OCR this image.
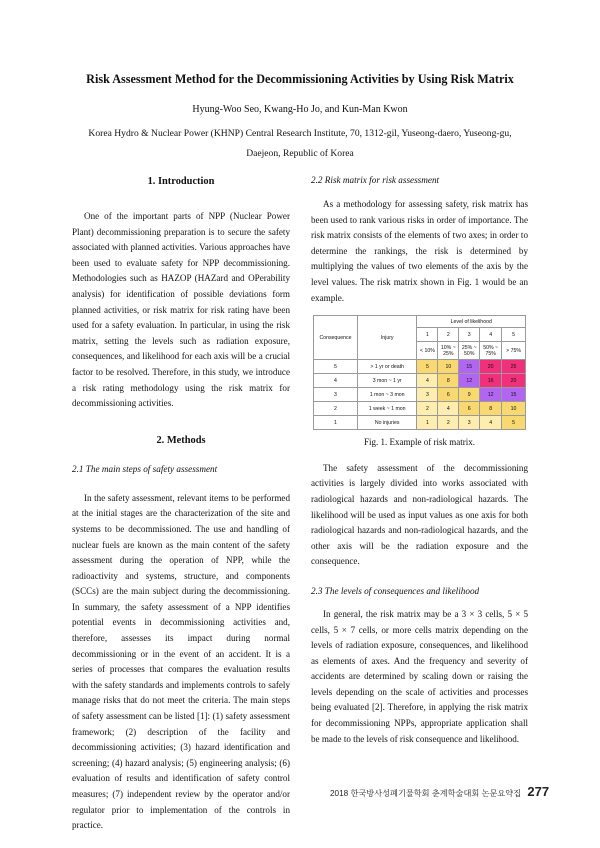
Risk Assessment Method for the Decommissioning Activities by Using Risk Matrix
Hyung-Woo Seo, Kwang-Ho Jo, and Kun-Man Kwon
Korea Hydro & Nuclear Power (KHNP) Central Research Institute, 70, 1312-gil, Yuseong-daero, Yuseong-gu, Daejeon, Republic of Korea
1. Introduction

One of the important parts of NPP (Nuclear Power Plant) decommissioning preparation is to secure the safety associated with planned activities. Various approaches have been used to evaluate safety for NPP decommissioning. Methodologies such as HAZOP (HAZard and OPerability analysis) for identification of possible deviations form planned activities, or risk matrix for risk rating have been used for a safety evaluation. In particular, in using the risk matrix, setting the levels such as radiation exposure, consequences, and likelihood for each axis will be a crucial factor to be resolved. Therefore, in this study, we introduce a risk rating methodology using the risk matrix for decommissioning activities.

2. Methods
2.1 The main steps of safety assessment

In the safety assessment, relevant items to be performed at the initial stages are the characterization of the site and systems to be decommissioned. The use and handling of nuclear fuels are known as the main content of the safety assessment during the operation of NPP, while the radioactivity and systems, structure, and components (SCCs) are the main subject during the decommissioning. In summary, the safety assessment of a NPP identifies potential events in decommissioning activities and, therefore, assesses its impact during normal decommissioning or in the event of an accident. It is a series of processes that compares the evaluation results with the safety standards and implements controls to safely manage risks that do not meet the criteria. The main steps of safety assessment can be listed [1]: (1) safety assessment framework; (2) description of the facility and decommissioning activities; (3) hazard identification and screening; (4) hazard analysis; (5) engineering analysis; (6) evaluation of results and identification of safety control measures; (7) independent review by the operator and/or regulator prior to implementation of the controls in practice.

2.2 Risk matrix for risk assessment

As a methodology for assessing safety, risk matrix has been used to rank various risks in order of importance. The risk matrix consists of the elements of two axes; in order to determine the rankings, the risk is determined by multiplying the values of two elements of the axis by the level values. The risk matrix shown in Fig. 1 would be an example.

Consequence	Injury	Level of likelihood				
		1	2	3	4	5
		< 10%	10% ~ 25%	25% ~ 50%	50% ~ 75%	> 75%
5	> 1 yr or death	5	10	15	20	25
4	3 mon ~ 1 yr	4	8	12	16	20
3	1 mon ~ 3 mon	3	6	9	12	15
2	1 week ~ 1 mon	2	4	6	8	10
1	No injuries	1	2	3	4	5
Fig. 1. Example of risk matrix.

The safety assessment of the decommissioning activities is largely divided into works associated with radiological hazards and non-radiological hazards. The likelihood will be used as input values as one axis for both radiological hazards and non-radiological hazards, and the other axis will be the radiation exposure and the consequence.

2.3 The levels of consequences and likelihood

In general, the risk matrix may be a 3 × 3 cells, 5 × 5 cells, 5 × 7 cells, or more cells matrix depending on the levels of radiation exposure, consequences, and likelihood as elements of axes. And the frequency and severity of accidents are determined by scaling down or raising the levels depending on the scale of activities and processes being evaluated [2]. Therefore, in applying the risk matrix for decommissioning NPPs, appropriate application shall be made to the levels of risk consequence and likelihood.

2018 한국방사성폐기물학회 춘계학술대회 논문요약집 277
